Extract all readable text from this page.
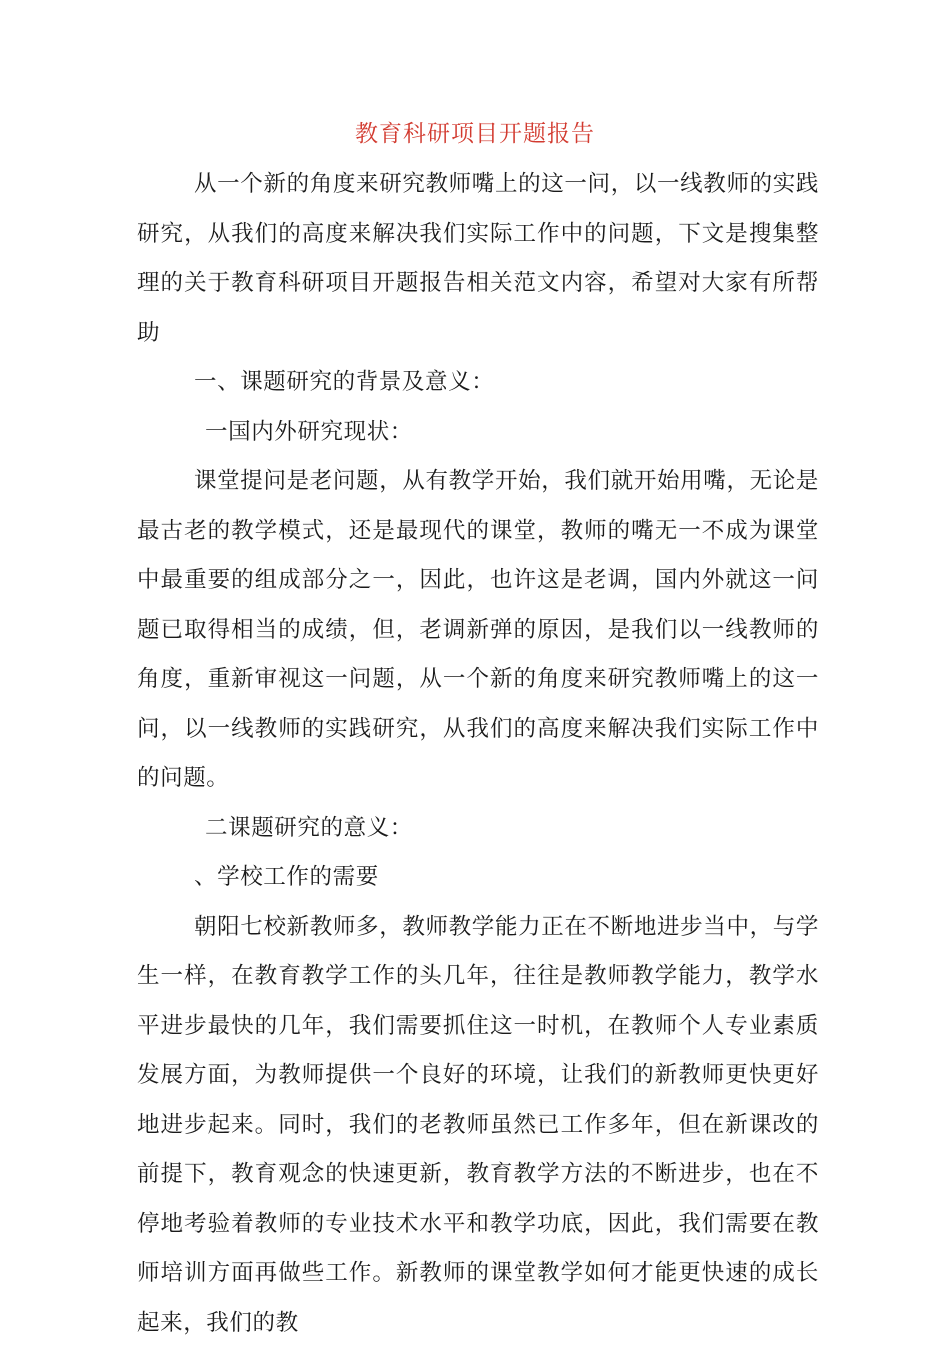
教育科研项目开题报告

从一个新的角度来研究教师嘴上的这一问，以一线教师的实践研究，从我们的高度来解决我们实际工作中的问题，下文是搜集整理的关于教育科研项目开题报告相关范文内容，希望对大家有所帮助

一、课题研究的背景及意义：

一国内外研究现状：

课堂提问是老问题，从有教学开始，我们就开始用嘴，无论是最古老的教学模式，还是最现代的课堂，教师的嘴无一不成为课堂中最重要的组成部分之一，因此，也许这是老调，国内外就这一问题已取得相当的成绩，但，老调新弹的原因，是我们以一线教师的角度，重新审视这一问题，从一个新的角度来研究教师嘴上的这一问，以一线教师的实践研究，从我们的高度来解决我们实际工作中的问题。

二课题研究的意义：

、学校工作的需要

朝阳七校新教师多，教师教学能力正在不断地进步当中，与学生一样，在教育教学工作的头几年，往往是教师教学能力，教学水平进步最快的几年，我们需要抓住这一时机，在教师个人专业素质发展方面，为教师提供一个良好的环境，让我们的新教师更快更好地进步起来。同时，我们的老教师虽然已工作多年，但在新课改的前提下，教育观念的快速更新，教育教学方法的不断进步，也在不停地考验着教师的专业技术水平和教学功底，因此，我们需要在教师培训方面再做些工作。新教师的课堂教学如何才能更快速的成长起来，我们的教
